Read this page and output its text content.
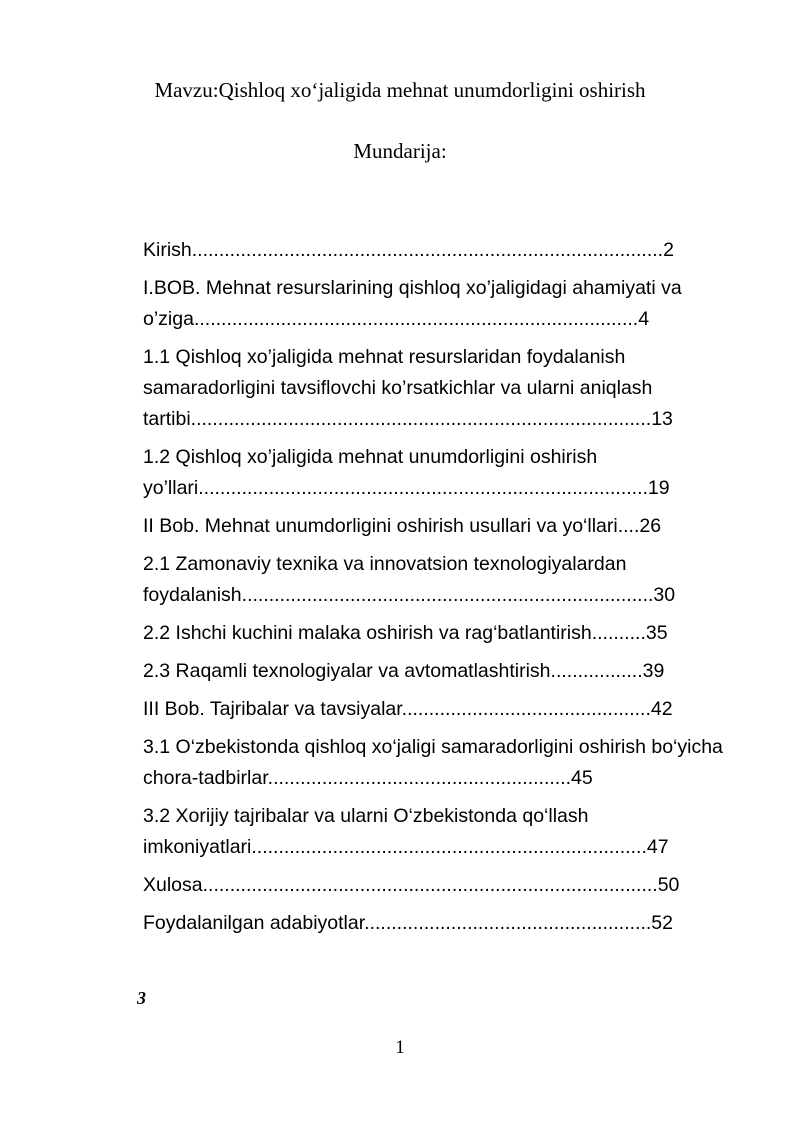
Mavzu:Qishloq xo‘jaligida mehnat unumdorligini oshirish
Mundarija:
Kirish.......................................................................................2
I.BOB. Mehnat resurslarining qishloq xo’jaligidagi ahamiyati va o’ziga..................................................................................4
1.1 Qishloq xo’jaligida mehnat resurslaridan foydalanish samaradorligini tavsiflovchi ko’rsatkichlar va ularni aniqlash tartibi.....................................................................................13
1.2 Qishloq xo’jaligida mehnat unumdorligini oshirish yo’llari...................................................................................19
II Bob. Mehnat unumdorligini oshirish usullari va yo‘llari....26
2.1 Zamonaviy texnika va innovatsion texnologiyalardan foydalanish............................................................................30
2.2 Ishchi kuchini malaka oshirish va rag‘batlantirish..........35
2.3 Raqamli texnologiyalar va avtomatlashtirish.................39
III Bob. Tajribalar va tavsiyalar..............................................42
3.1 O‘zbekistonda qishloq xo‘jaligi samaradorligini oshirish bo‘yicha chora-tadbirlar........................................................45
3.2 Xorijiy tajribalar va ularni O‘zbekistonda qo‘llash imkoniyatlari.........................................................................47
Xulosa....................................................................................50
Foydalanilgan adabiyotlar.....................................................52
3
1
